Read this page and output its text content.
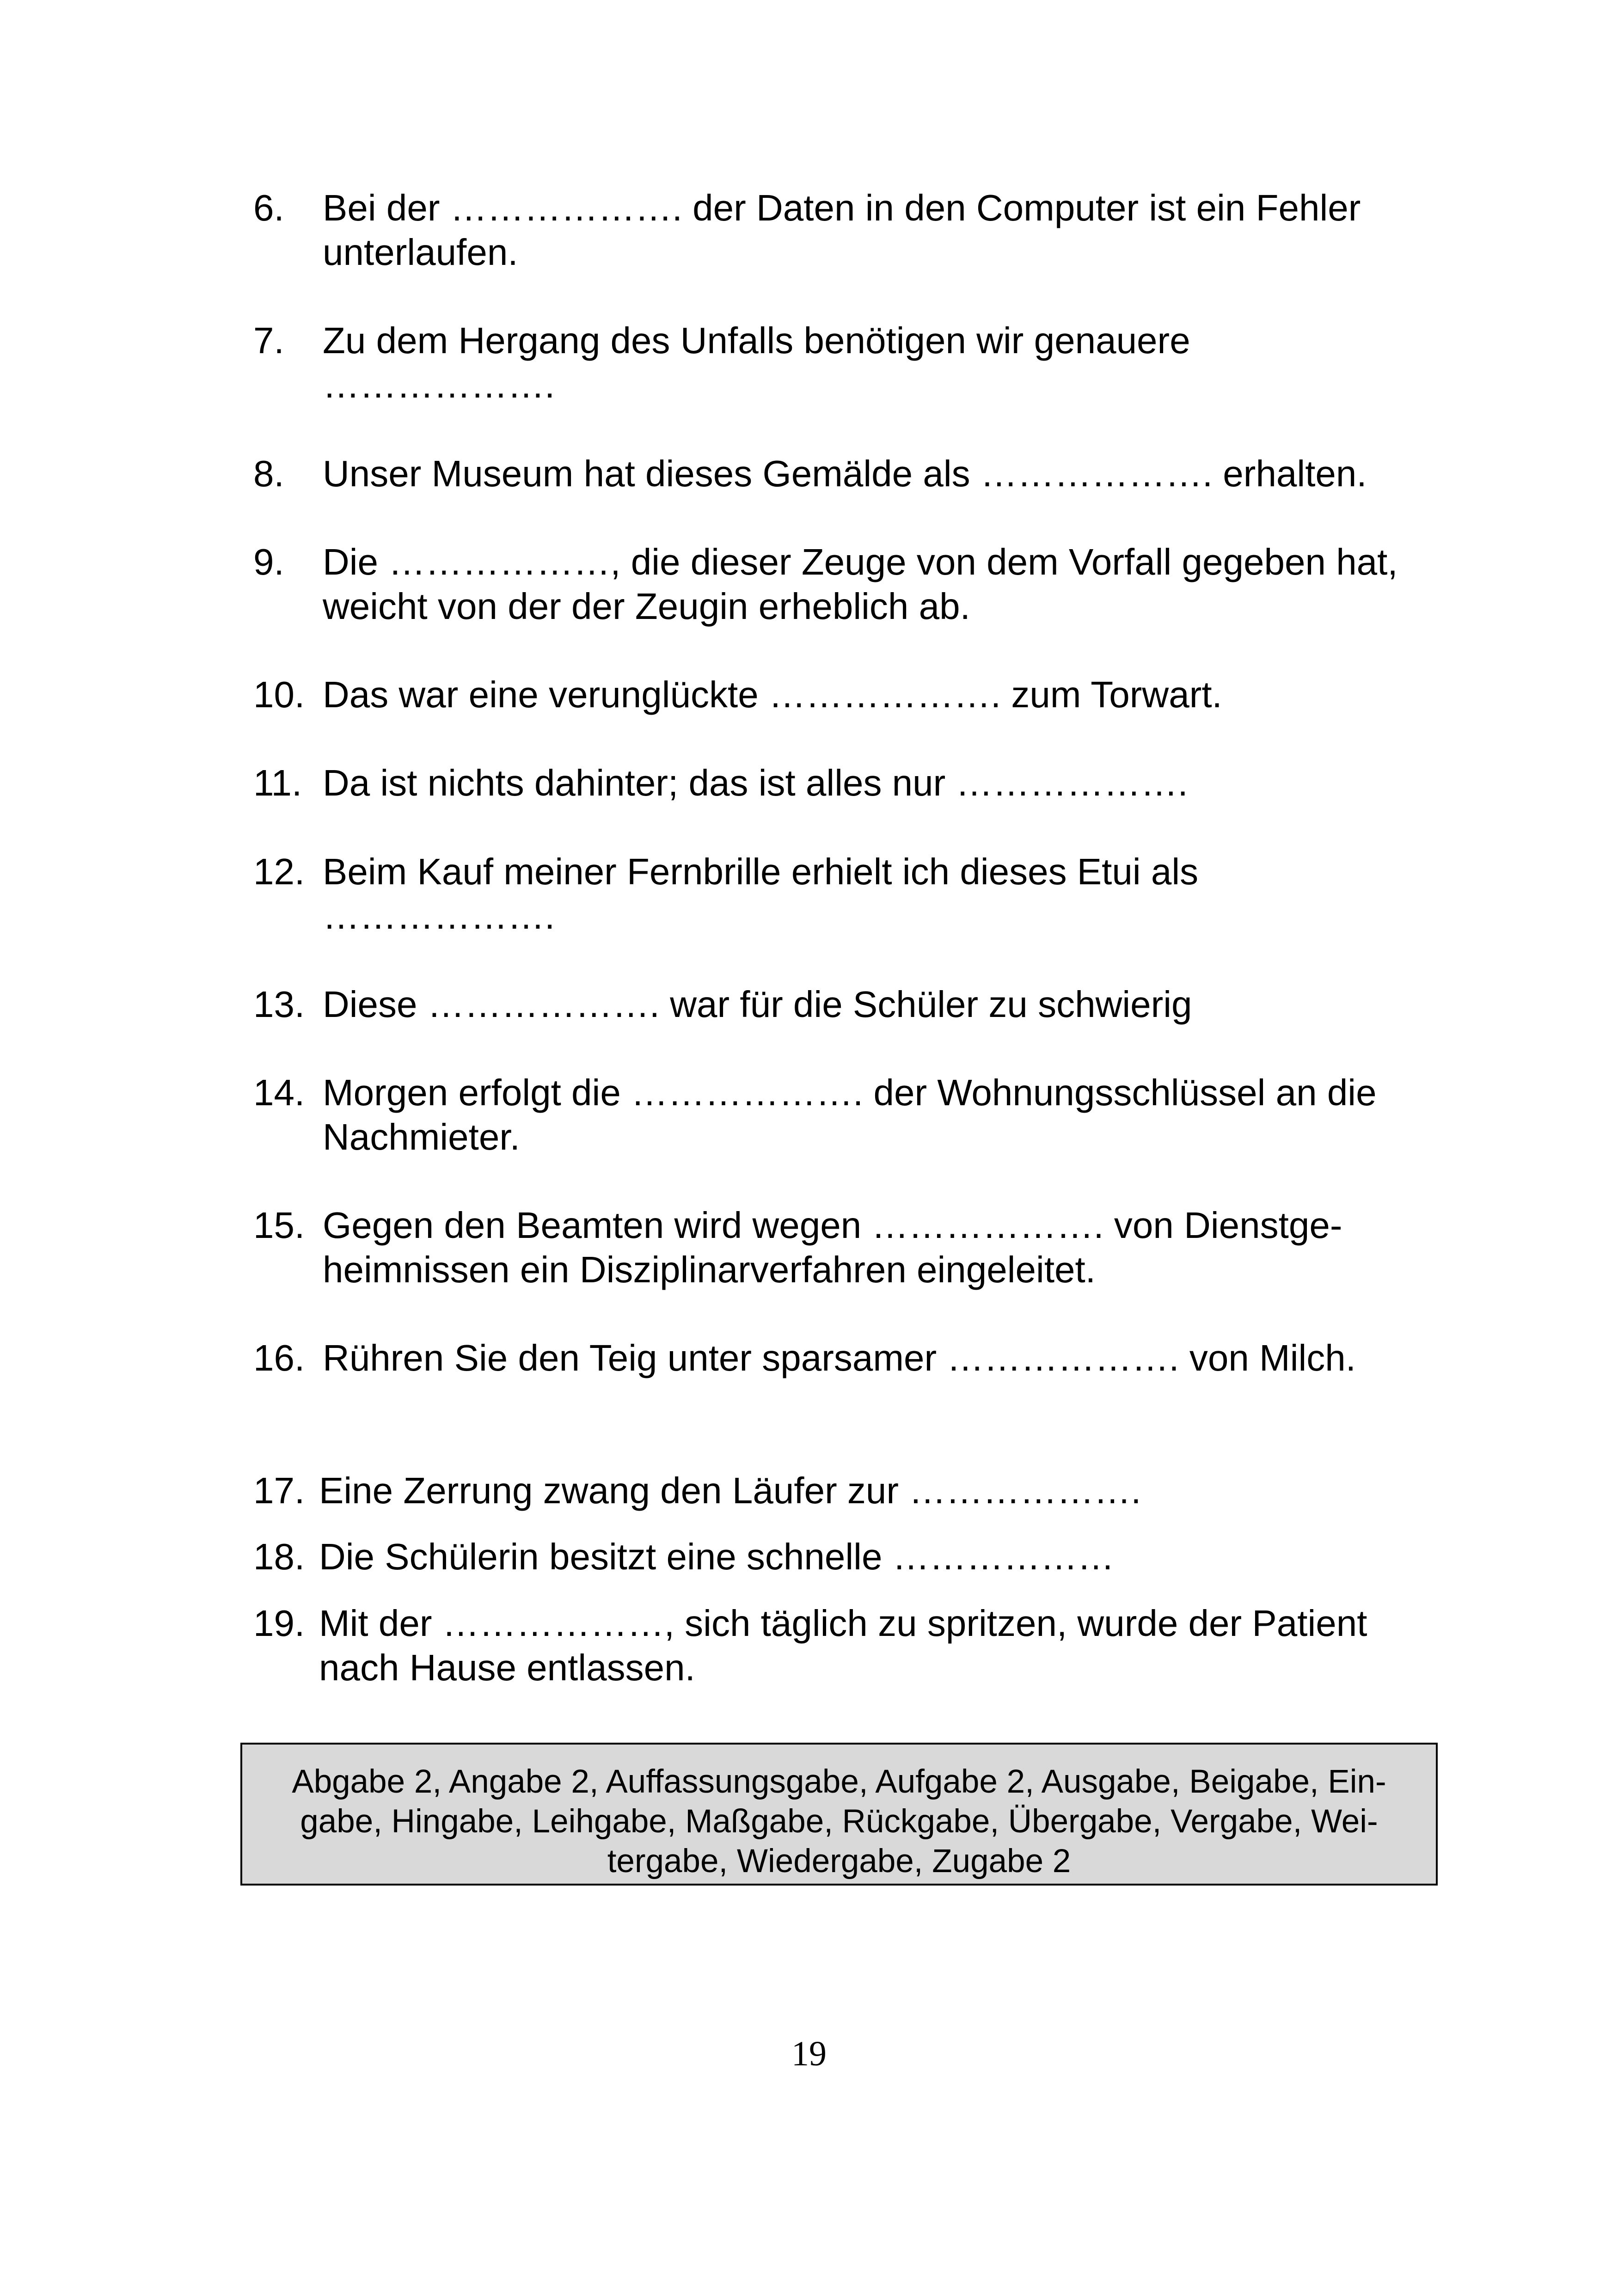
6.	Bei der ………………. der Daten in den Computer ist ein Fehler
unterlaufen.
7.	Zu dem Hergang des Unfalls benötigen wir genauere
……………….
8.	Unser Museum hat dieses Gemälde als ………………. erhalten.
9.	Die ………………, die dieser Zeuge von dem Vorfall gegeben hat,
weicht von der der Zeugin erheblich ab.
10. Das war eine verunglückte ………………. zum Torwart.
11. Da ist nichts dahinter; das ist alles nur ……………….
12. Beim Kauf meiner Fernbrille erhielt ich dieses Etui als
……………….
13. Diese ………………. war für die Schüler zu schwierig
14. Morgen erfolgt die ………………. der Wohnungsschlüssel an die
Nachmieter.
15. Gegen den Beamten wird wegen ………………. von Dienstge-
heimnissen ein Disziplinarverfahren eingeleitet.
16. Rühren Sie den Teig unter sparsamer ………………. von Milch.
17. Eine Zerrung zwang den Läufer zur ……………….
18. Die Schülerin besitzt eine schnelle ………………
19. Mit der ………………, sich täglich zu spritzen, wurde der Patient
nach Hause entlassen.
Abgabe 2, Angabe 2, Auffassungsgabe, Aufgabe 2, Ausgabe, Beigabe, Ein-
gabe, Hingabe, Leihgabe, Maßgabe, Rückgabe, Übergabe, Vergabe, Wei-
tergabe, Wiedergabe, Zugabe 2
19
